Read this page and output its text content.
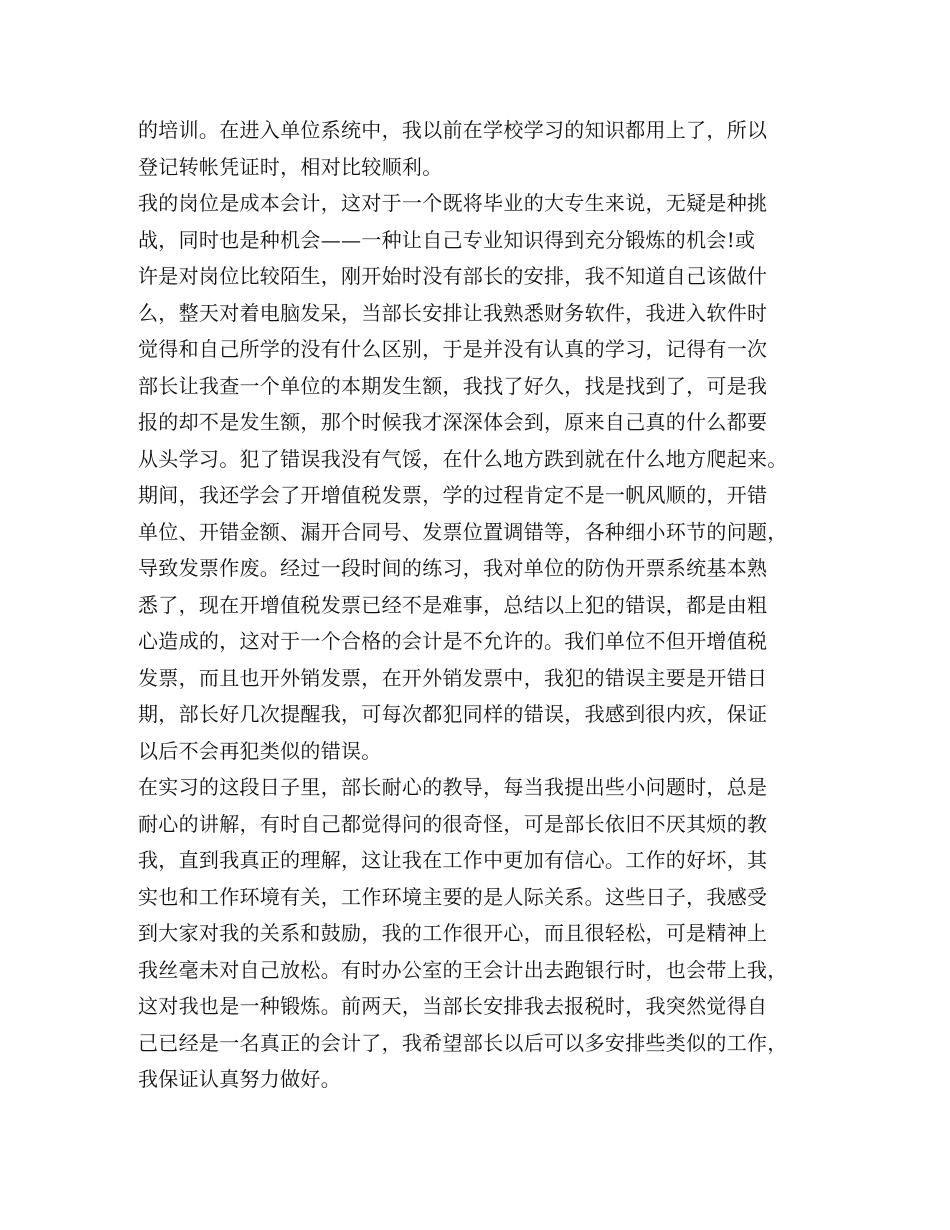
的培训。在进入单位系统中，我以前在学校学习的知识都用上了，所以
登记转帐凭证时，相对比较顺利。
我的岗位是成本会计，这对于一个既将毕业的大专生来说，无疑是种挑
战，同时也是种机会——一种让自己专业知识得到充分锻炼的机会!或
许是对岗位比较陌生，刚开始时没有部长的安排，我不知道自己该做什
么，整天对着电脑发呆，当部长安排让我熟悉财务软件，我进入软件时
觉得和自己所学的没有什么区别，于是并没有认真的学习，记得有一次
部长让我查一个单位的本期发生额，我找了好久，找是找到了，可是我
报的却不是发生额，那个时候我才深深体会到，原来自己真的什么都要
从头学习。犯了错误我没有气馁，在什么地方跌到就在什么地方爬起来。
期间，我还学会了开增值税发票，学的过程肯定不是一帆风顺的，开错
单位、开错金额、漏开合同号、发票位置调错等，各种细小环节的问题，
导致发票作废。经过一段时间的练习，我对单位的防伪开票系统基本熟
悉了，现在开增值税发票已经不是难事，总结以上犯的错误，都是由粗
心造成的，这对于一个合格的会计是不允许的。我们单位不但开增值税
发票，而且也开外销发票，在开外销发票中，我犯的错误主要是开错日
期，部长好几次提醒我，可每次都犯同样的错误，我感到很内疚，保证
以后不会再犯类似的错误。
在实习的这段日子里，部长耐心的教导，每当我提出些小问题时，总是
耐心的讲解，有时自己都觉得问的很奇怪，可是部长依旧不厌其烦的教
我，直到我真正的理解，这让我在工作中更加有信心。工作的好坏，其
实也和工作环境有关，工作环境主要的是人际关系。这些日子，我感受
到大家对我的关系和鼓励，我的工作很开心，而且很轻松，可是精神上
我丝毫未对自己放松。有时办公室的王会计出去跑银行时，也会带上我，
这对我也是一种锻炼。前两天，当部长安排我去报税时，我突然觉得自
己已经是一名真正的会计了，我希望部长以后可以多安排些类似的工作，
我保证认真努力做好。
